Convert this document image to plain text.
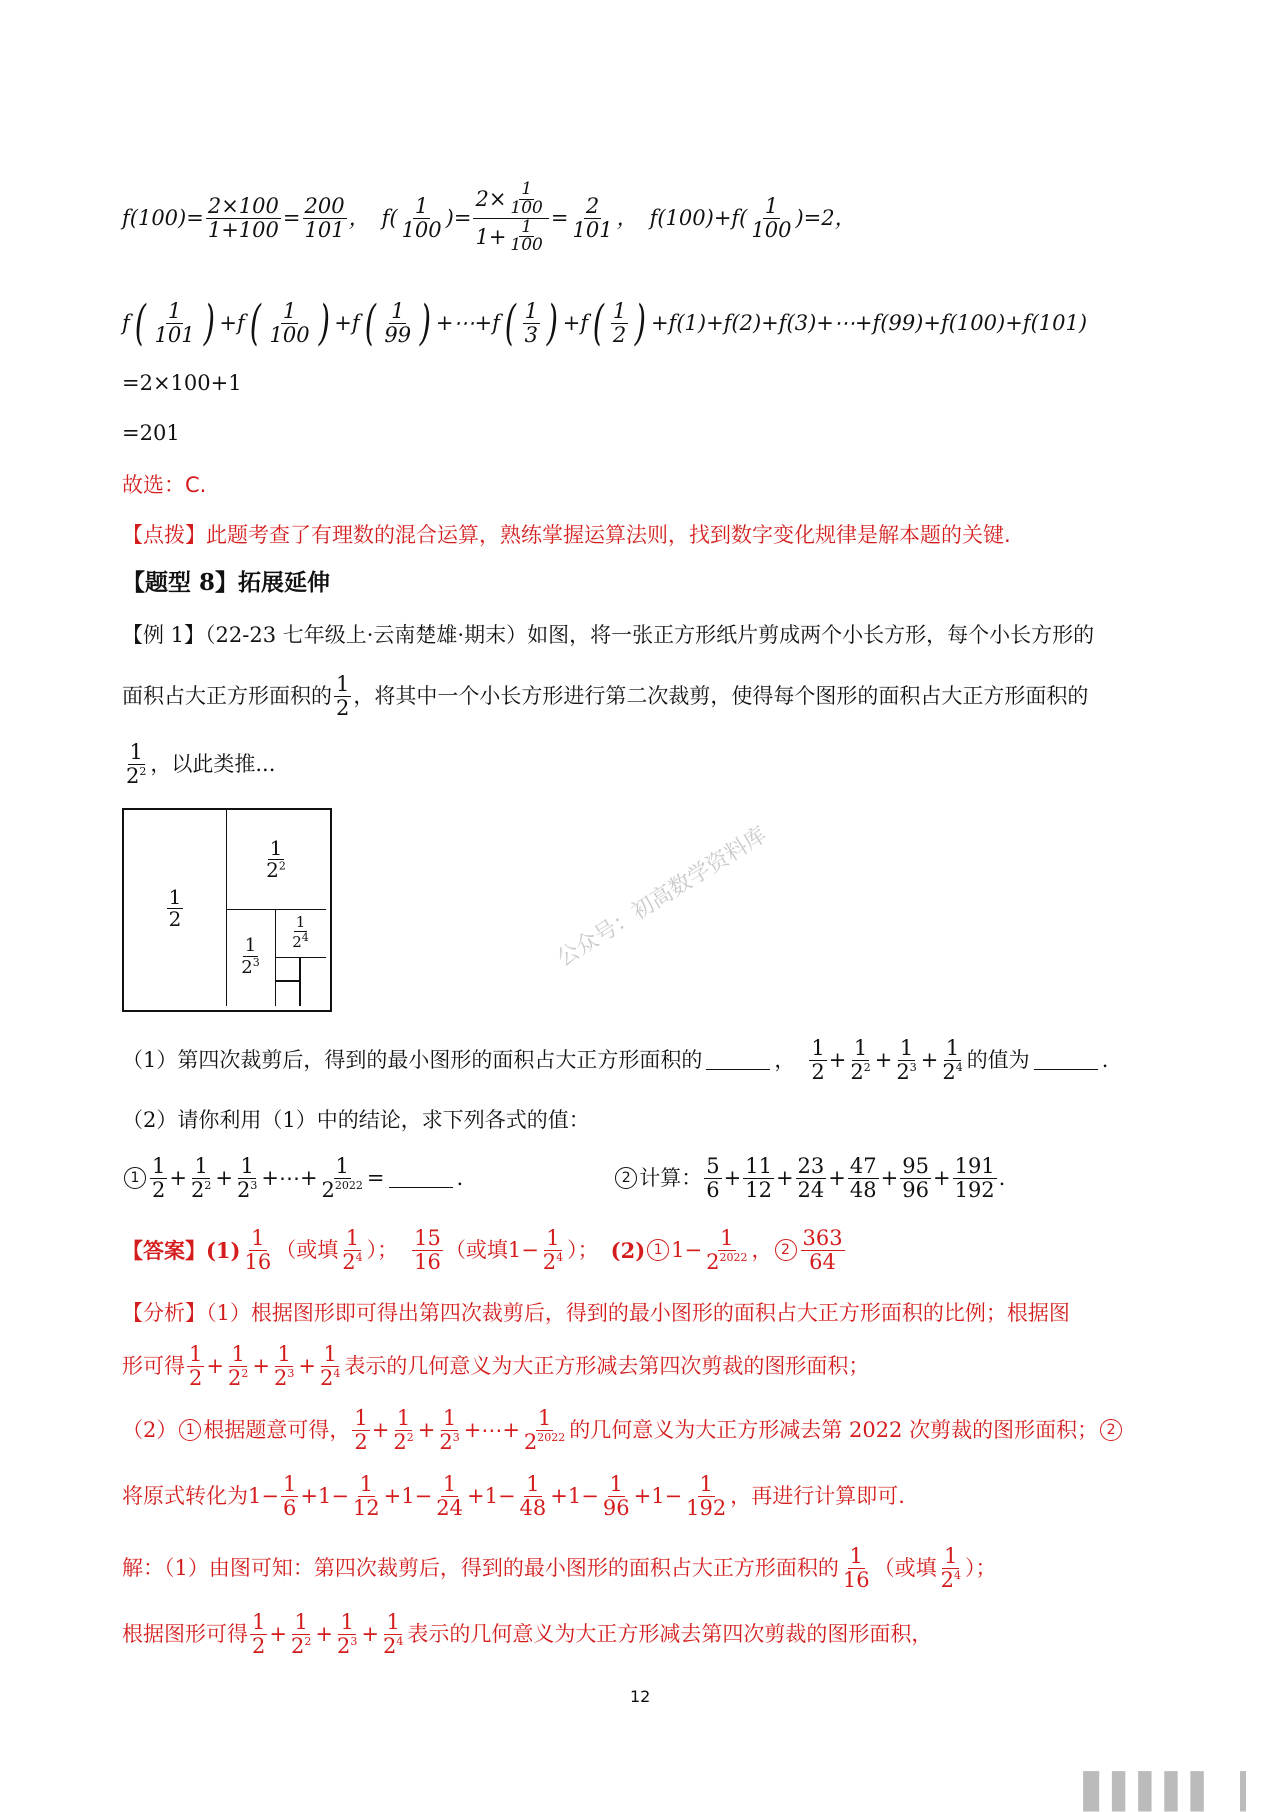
$f(100)= \frac{2\times 100}{1+100} = \frac{200}{101}$ ， $f( \frac{1}{100}$ )= $\frac{2\times \frac{1}{100}}{1+ \frac{1}{100}} = \frac{2}{101}$ ， $f(100)+f( \frac{1}{100} )=2$，
f ( $\frac{1}{101}$ ) + f ( $\frac{1}{100}$ ) + f ( $\frac{1}{99}$ ) +⋯+ f ( $\frac{1}{3}$ ) + f ( $\frac{1}{2}$ ) +f(1)+f(2)+f(3)+⋯+f(99)+f(100)+f(101)
=2×100+1
=201
故选：C.
【点拨】此题考查了有理数的混合运算，熟练掌握运算法则，找到数字变化规律是解本题的关键.
【题型 8】拓展延伸
【例 1】（22-23 七年级上·云南楚雄·期末）如图，将一张正方形纸片剪成两个小长方形，每个小长方形的
面积占大正方形面积的 $\frac{1}{2}$ ，将其中一个小长方形进行第二次裁剪，使得每个图形的面积占大正方形面积的
$\frac{1}{2^2}$ ，以此类推...
$\frac{1}{2}$
$\frac{1}{2^2}$
$\frac{1}{2^3}$
$\frac{1}{2^4}$	公众号：初高数学资料库
（1）第四次裁剪后，得到的最小图形的面积占大正方形面积的	， $\frac{1}{2} + \frac{1}{2^2} + \frac{1}{2^3} + \frac{1}{2^4}$ 的值为	.
（2）请你利用（1）中的结论，求下列各式的值：
$1 \frac{1}{2} + \frac{1}{2^2} + \frac{1}{2^3}$ +⋯+ $\frac{1}{2^{2022}}$ =	.	2 计算： $\frac{5}{6} + \frac{11}{12} + \frac{23}{24} + \frac{47}{48} + \frac{95}{96} + \frac{191}{192}$ .
【答案】 $(1) \frac{1}{16}$ （或填 $\frac{1}{2^4}$ ）； $\frac{15}{16}$ （或填$1- \frac{1}{2^4}$ ）； (2) 1 $1- \frac{1}{2^{2022}}$ ， $2 \frac{363}{64}$
【分析】（1）根据图形即可得出第四次裁剪后，得到的最小图形的面积占大正方形面积的比例；根据图
形可得 $\frac{1}{2} + \frac{1}{2^2} + \frac{1}{2^3} + \frac{1}{2^4}$ 表示的几何意义为大正方形减去第四次剪裁的图形面积；
（2） 1 根据题意可得， $\frac{1}{2} + \frac{1}{2^2} + \frac{1}{2^3}$ +⋯+ $\frac{1}{2^{2022}}$ 的几何意义为大正方形减去第 2022 次剪裁的图形面积； 2
将原式转化为 $1- \frac{1}{6} + 1- \frac{1}{12} + 1- \frac{1}{24} + 1- \frac{1}{48} + 1- \frac{1}{96} + 1- \frac{1}{192}$ ，再进行计算即可.
解：（1）由图可知：第四次裁剪后，得到的最小图形的面积占大正方形面积的 $\frac{1}{16}$ （或填 $\frac{1}{2^4}$ ）；
根据图形可得 $\frac{1}{2} + \frac{1}{2^2} + \frac{1}{2^3} + \frac{1}{2^4}$ 表示的几何意义为大正方形减去第四次剪裁的图形面积，
12
▕▌▌▌▌▌▕▏
